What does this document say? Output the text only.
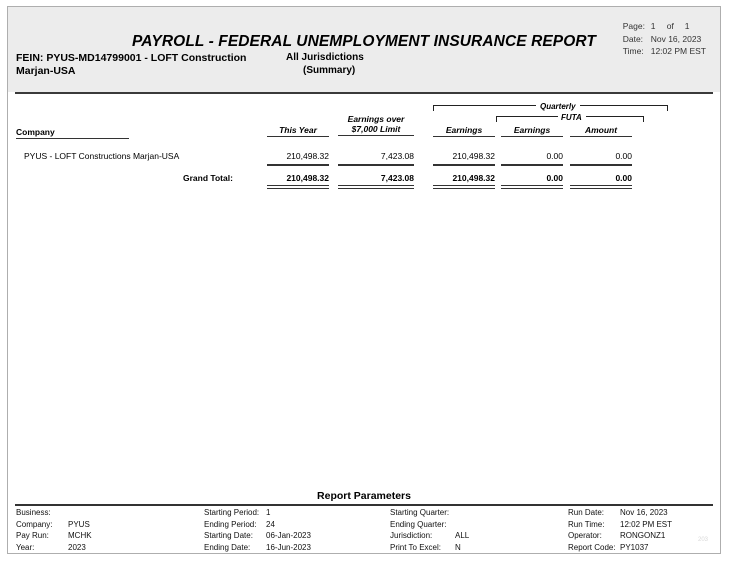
PAYROLL - FEDERAL UNEMPLOYMENT INSURANCE REPORT
FEIN: PYUS-MD14799001 - LOFT Construction
Marjan-USA
All Jurisdictions
(Summary)
Page: 1	of	1
Date: Nov 16, 2023
Time: 12:02 PM EST
Quarterly
FUTA
This Year
Earnings over
$7,000 Limit	Earnings	Earnings	Amount
Company
PYUS - LOFT Constructions Marjan-USA	210,498.32	7,423.08	210,498.32	0.00	0.00
Grand Total:	210,498.32	7,423.08	210,498.32	0.00	0.00
Report Parameters
Business:
Company:	PYUS
Pay Run:	MCHK
Year:	2023
Starting Period: 1
Ending Period:	24
Starting Date:	06-Jan-2023
Ending Date:	16-Jun-2023
Starting Quarter:
Ending Quarter:
Jurisdiction:	ALL
Print To Excel:	N
Run Date:	Nov 16, 2023
Run Time:	12:02 PM EST
Operator:	RONGONZ1
Report Code: PY1037
203
